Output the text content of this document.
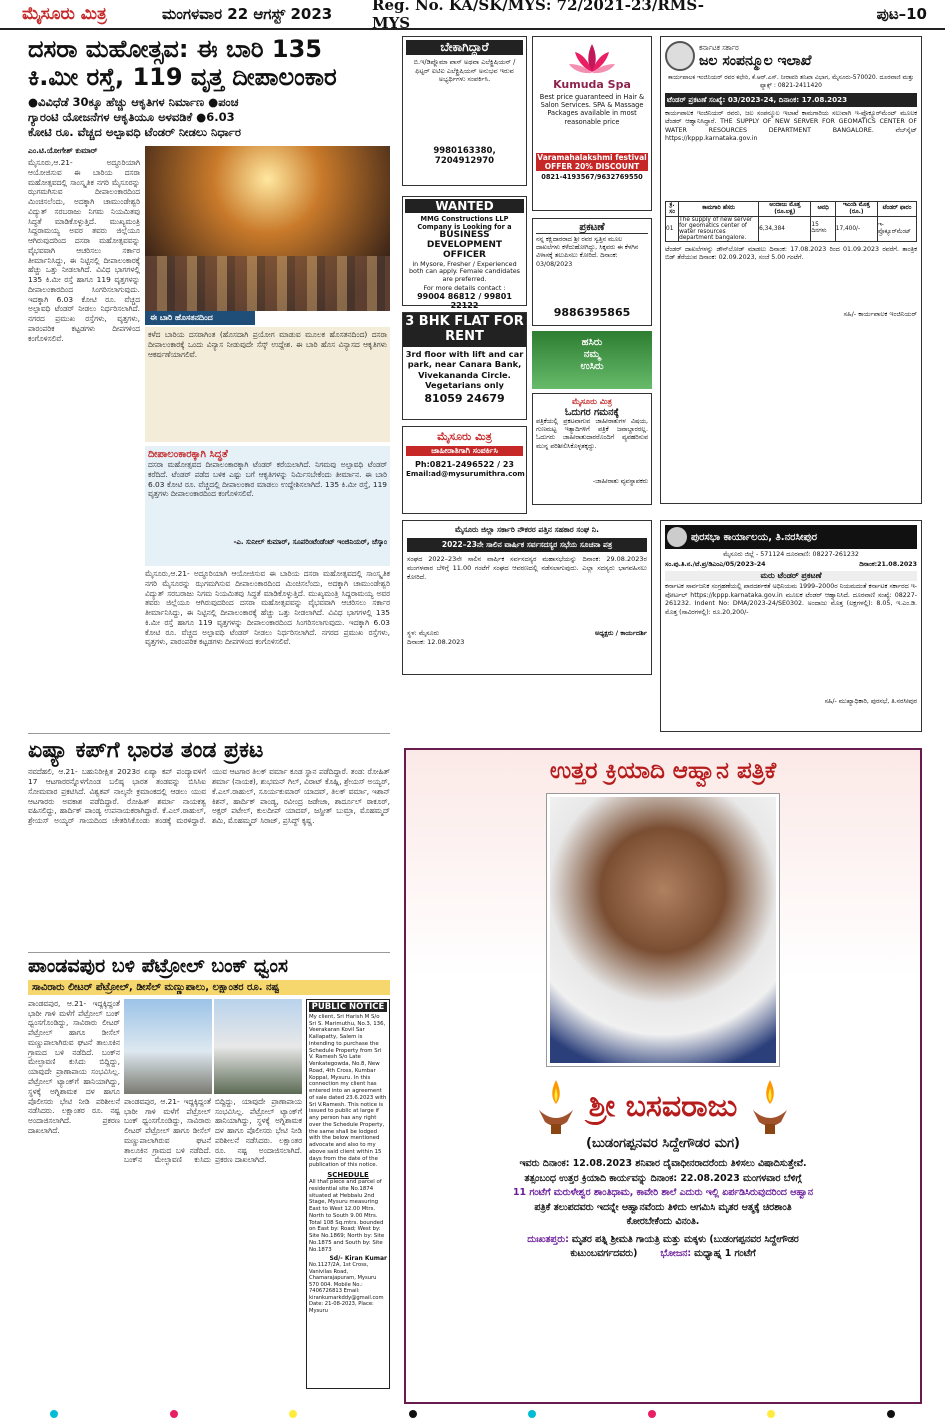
ಮೈಸೂರು ಮಿತ್ರ	ಮಂಗಳವಾರ 22 ಆಗಸ್ಟ್ 2023	Reg. No. KA/SK/MYS: 72/2021-23/RMS-MYS	ಪುಟ–10
ದಸರಾ ಮಹೋತ್ಸವ: ಈ ಬಾರಿ 135
ಕಿ.ಮೀ ರಸ್ತೆ, 119 ವೃತ್ತ ದೀಪಾಲಂಕಾರ
●ವಿವಿಧೆಡೆ 30ಕ್ಕೂ ಹೆಚ್ಚು ಆಕೃತಿಗಳ ನಿರ್ಮಾಣ ●ಪಂಚ
ಗ್ಯಾರಂಟಿ ಯೋಜನೆಗಳ ಆಕೃತಿಯೂ ಅಳವಡಿಕೆ ●6.03
ಕೋಟಿ ರೂ. ವೆಚ್ಚದ ಅಲ್ಪಾವಧಿ ಟೆಂಡರ್ ನೀಡಲು ನಿರ್ಧಾರ
ಎಂ.ಟಿ.ಯೋಗೇಶ್ ಕುಮಾರ್
ಮೈಸೂರು,ಆ.21- ಅದ್ಧೂರಿಯಾಗಿ ಆಯೋಜಿಸುವ ಈ ಬಾರಿಯ ದಸರಾ ಮಹೋತ್ಸವದಲ್ಲಿ ಸಾಂಸ್ಕೃತಿಕ ನಗರಿ ಮೈಸೂರನ್ನು ಝಗಮಗಿಸುವ ದೀಪಾಲಂಕಾರದಿಂದ ಮಿಂಚಿಸಲೆಂದು, ಅದಕ್ಕಾಗಿ ಚಾಮುಂಡೇಶ್ವರಿ ವಿದ್ಯುತ್ ಸರಬರಾಜು ನಿಗಮ ನಿಯಮಿತವು ಸಿದ್ಧತೆ ಮಾಡಿಕೊಳ್ಳುತ್ತಿದೆ. ಮುಖ್ಯಮಂತ್ರಿ ಸಿದ್ದರಾಮಯ್ಯ ಅವರ ತವರು ಜಿಲ್ಲೆಯೂ ಆಗಿರುವುದರಿಂದ ದಸರಾ ಮಹೋತ್ಸವವನ್ನು ವೈಭವವಾಗಿ ಆಚರಿಸಲು ಸರ್ಕಾರ ತೀರ್ಮಾನಿಸಿದ್ದು, ಈ ನಿಟ್ಟಿನಲ್ಲಿ ದೀಪಾಲಂಕಾರಕ್ಕೆ ಹೆಚ್ಚು ಒತ್ತು ನೀಡಲಾಗಿದೆ. ವಿವಿಧ ಭಾಗಗಳಲ್ಲಿ 135 ಕಿ.ಮೀ ರಸ್ತೆ ಹಾಗೂ 119 ವೃತ್ತಗಳನ್ನು ದೀಪಾಲಂಕಾರದಿಂದ ಸಿಂಗರಿಸಲಾಗುವುದು. ಇದಕ್ಕಾಗಿ 6.03 ಕೋಟಿ ರೂ. ವೆಚ್ಚದ ಅಲ್ಪಾವಧಿ ಟೆಂಡರ್ ನೀಡಲು ನಿರ್ಧರಿಸಲಾಗಿದೆ. ನಗರದ ಪ್ರಮುಖ ರಸ್ತೆಗಳು, ವೃತ್ತಗಳು, ಪಾರಂಪರಿಕ ಕಟ್ಟಡಗಳು ದೀಪಗಳಿಂದ ಕಂಗೊಳಿಸಲಿವೆ.
ಈ ಬಾರಿ ಹೊಸತನದಿಂದ
ಕಳೆದ ಬಾರಿಯ ದಸರಾಗಿಂತ (ಹೊಸದಾಗಿ ಪ್ರಯೋಗ ಮಾಡುವ ಮೂಲಕ ಹೊಸತನದಿಂದ) ದಸರಾ ದೀಪಾಲಂಕಾರಕ್ಕೆ ಒಂದು ವಿನ್ಯಾಸ ನೀಡುವುದೇ ಸೆಸ್ಕ್ ಉದ್ದೇಶ. ಈ ಬಾರಿ ಹೊಸ ವಿನ್ಯಾಸದ ಆಕೃತಿಗಳು ಆಕರ್ಷಣೆಯಾಗಲಿವೆ.
ದೀಪಾಲಂಕಾರಕ್ಕಾಗಿ ಸಿದ್ಧತೆ
ದಸರಾ ಮಹೋತ್ಸವದ ದೀಪಾಲಂಕಾರಕ್ಕಾಗಿ ಟೆಂಡರ್ ಕರೆಯಲಾಗಿದೆ. ನಿಗಮವು ಅಲ್ಪಾವಧಿ ಟೆಂಡರ್ ಕರೆದಿದೆ. ಟೆಂಡರ್ ಪಡೆದ ಬಳಿಕ ಎಷ್ಟು ಬಗೆ ಆಕೃತಿಗಳನ್ನು ನಿರ್ಮಿಸಬೇಕೆಂದು ತೀರ್ಮಾನ. ಈ ಬಾರಿ 6.03 ಕೋಟಿ ರೂ. ವೆಚ್ಚದಲ್ಲಿ ದೀಪಾಲಂಕಾರ ಮಾಡಲು ಉದ್ದೇಶಿಸಲಾಗಿದೆ. 135 ಕಿ.ಮೀ ರಸ್ತೆ, 119 ವೃತ್ತಗಳು ದೀಪಾಲಂಕಾರದಿಂದ ಕಂಗೊಳಿಸಲಿವೆ.
-ಎ. ಸುನೀಲ್ ಕುಮಾರ್, ಸೂಪರಿಂಟೆಂಡೆಂಟ್ ಇಂಜಿನಿಯರ್, ಚೆಸ್ಕಾಂ
ಮೈಸೂರು,ಆ.21- ಅದ್ಧೂರಿಯಾಗಿ ಆಯೋಜಿಸುವ ಈ ಬಾರಿಯ ದಸರಾ ಮಹೋತ್ಸವದಲ್ಲಿ ಸಾಂಸ್ಕೃತಿಕ ನಗರಿ ಮೈಸೂರನ್ನು ಝಗಮಗಿಸುವ ದೀಪಾಲಂಕಾರದಿಂದ ಮಿಂಚಿಸಲೆಂದು, ಅದಕ್ಕಾಗಿ ಚಾಮುಂಡೇಶ್ವರಿ ವಿದ್ಯುತ್ ಸರಬರಾಜು ನಿಗಮ ನಿಯಮಿತವು ಸಿದ್ಧತೆ ಮಾಡಿಕೊಳ್ಳುತ್ತಿದೆ. ಮುಖ್ಯಮಂತ್ರಿ ಸಿದ್ದರಾಮಯ್ಯ ಅವರ ತವರು ಜಿಲ್ಲೆಯೂ ಆಗಿರುವುದರಿಂದ ದಸರಾ ಮಹೋತ್ಸವವನ್ನು ವೈಭವವಾಗಿ ಆಚರಿಸಲು ಸರ್ಕಾರ ತೀರ್ಮಾನಿಸಿದ್ದು, ಈ ನಿಟ್ಟಿನಲ್ಲಿ ದೀಪಾಲಂಕಾರಕ್ಕೆ ಹೆಚ್ಚು ಒತ್ತು ನೀಡಲಾಗಿದೆ. ವಿವಿಧ ಭಾಗಗಳಲ್ಲಿ 135 ಕಿ.ಮೀ ರಸ್ತೆ ಹಾಗೂ 119 ವೃತ್ತಗಳನ್ನು ದೀಪಾಲಂಕಾರದಿಂದ ಸಿಂಗರಿಸಲಾಗುವುದು. ಇದಕ್ಕಾಗಿ 6.03 ಕೋಟಿ ರೂ. ವೆಚ್ಚದ ಅಲ್ಪಾವಧಿ ಟೆಂಡರ್ ನೀಡಲು ನಿರ್ಧರಿಸಲಾಗಿದೆ. ನಗರದ ಪ್ರಮುಖ ರಸ್ತೆಗಳು, ವೃತ್ತಗಳು, ಪಾರಂಪರಿಕ ಕಟ್ಟಡಗಳು ದೀಪಗಳಿಂದ ಕಂಗೊಳಿಸಲಿವೆ.
ಏಷ್ಯಾ ಕಪ್‌ಗೆ ಭಾರತ ತಂಡ ಪ್ರಕಟ
ನವದೆಹಲಿ, ಆ.21- ಬಹುನಿರೀಕ್ಷಿತ 2023ರ ಏಷ್ಯಾ ಕಪ್ ಪಂದ್ಯಾವಳಿಗೆ 17 ಆಟಗಾರರನ್ನೊಳಗೊಂಡ ಬಲಿಷ್ಠ ಭಾರತ ತಂಡವನ್ನು ಬಿಸಿಸಿಐ ಸೋಮವಾರ ಪ್ರಕಟಿಸಿದೆ. ವಿಶ್ವಕಪ್ ನಾಲ್ಕನೇ ಕ್ರಮಾಂಕದಲ್ಲಿ ಆಡಲು ಯುವ ಆಟಗಾರರು ಅವಕಾಶ ಪಡೆದಿದ್ದಾರೆ. ರೋಹಿತ್ ಶರ್ಮಾ ನಾಯಕತ್ವ ವಹಿಸಲಿದ್ದು, ಹಾರ್ದಿಕ್ ಪಾಂಡ್ಯ ಉಪನಾಯಕರಾಗಿದ್ದಾರೆ. ಕೆ.ಎಲ್.ರಾಹುಲ್, ಶ್ರೇಯಸ್ ಅಯ್ಯರ್ ಗಾಯದಿಂದ ಚೇತರಿಸಿಕೊಂಡು ತಂಡಕ್ಕೆ ಮರಳಿದ್ದಾರೆ. ಯುವ ಆಟಗಾರ ತಿಲಕ್ ವರ್ಮಾ ಕೂಡ ಸ್ಥಾನ ಪಡೆದಿದ್ದಾರೆ. ತಂಡ: ರೋಹಿತ್ ಶರ್ಮಾ (ನಾಯಕ), ಶುಭಮನ್ ಗಿಲ್, ವಿರಾಟ್ ಕೊಹ್ಲಿ, ಶ್ರೇಯಸ್ ಅಯ್ಯರ್, ಕೆ.ಎಲ್.ರಾಹುಲ್, ಸೂರ್ಯಕುಮಾರ್ ಯಾದವ್, ತಿಲಕ್ ವರ್ಮಾ, ಇಶಾನ್ ಕಿಶನ್, ಹಾರ್ದಿಕ್ ಪಾಂಡ್ಯ, ರವೀಂದ್ರ ಜಡೇಜಾ, ಶಾರ್ದೂಲ್ ಠಾಕೂರ್, ಅಕ್ಷರ್ ಪಟೇಲ್, ಕುಲದೀಪ್ ಯಾದವ್, ಜಸ್ಪ್ರೀತ್ ಬುಮ್ರಾ, ಮೊಹಮ್ಮದ್ ಶಮಿ, ಮೊಹಮ್ಮದ್ ಸಿರಾಜ್, ಪ್ರಸಿದ್ಧ್ ಕೃಷ್ಣ.
ಪಾಂಡವಪುರ ಬಳಿ ಪೆಟ್ರೋಲ್ ಬಂಕ್ ಧ್ವಂಸ
ಸಾವಿರಾರು ಲೀಟರ್ ಪೆಟ್ರೋಲ್, ಡೀಸೆಲ್ ಮಣ್ಣುಪಾಲು, ಲಕ್ಷಾಂತರ ರೂ. ನಷ್ಟ
ಪಾಂಡವಪುರ, ಆ.21- ಇದ್ದಕ್ಕಿದ್ದಂತೆ ಭಾರೀ ಗಾಳಿ ಮಳೆಗೆ ಪೆಟ್ರೋಲ್ ಬಂಕ್ ಧ್ವಂಸಗೊಂಡಿದ್ದು, ಸಾವಿರಾರು ಲೀಟರ್ ಪೆಟ್ರೋಲ್ ಹಾಗೂ ಡೀಸೆಲ್ ಮಣ್ಣುಪಾಲಾಗಿರುವ ಘಟನೆ ತಾಲೂಕಿನ ಗ್ರಾಮದ ಬಳಿ ನಡೆದಿದೆ. ಬಂಕ್‌ನ ಮೇಲ್ಛಾವಣಿ ಕುಸಿದು ಬಿದ್ದಿದ್ದು, ಯಾವುದೇ ಪ್ರಾಣಾಪಾಯ ಸಂಭವಿಸಿಲ್ಲ. ಪೆಟ್ರೋಲ್ ಟ್ಯಾಂಕ್‌ಗೆ ಹಾನಿಯಾಗಿದ್ದು, ಸ್ಥಳಕ್ಕೆ ಅಗ್ನಿಶಾಮಕ ದಳ ಹಾಗೂ ಪೊಲೀಸರು ಭೇಟಿ ನೀಡಿ ಪರಿಶೀಲನೆ ನಡೆಸಿದರು. ಲಕ್ಷಾಂತರ ರೂ. ನಷ್ಟ ಅಂದಾಜಿಸಲಾಗಿದೆ. ಪ್ರಕರಣ ದಾಖಲಾಗಿದೆ.
ಪಾಂಡವಪುರ, ಆ.21- ಇದ್ದಕ್ಕಿದ್ದಂತೆ ಭಾರೀ ಗಾಳಿ ಮಳೆಗೆ ಪೆಟ್ರೋಲ್ ಬಂಕ್ ಧ್ವಂಸಗೊಂಡಿದ್ದು, ಸಾವಿರಾರು ಲೀಟರ್ ಪೆಟ್ರೋಲ್ ಹಾಗೂ ಡೀಸೆಲ್ ಮಣ್ಣುಪಾಲಾಗಿರುವ ಘಟನೆ ತಾಲೂಕಿನ ಗ್ರಾಮದ ಬಳಿ ನಡೆದಿದೆ. ಬಂಕ್‌ನ ಮೇಲ್ಛಾವಣಿ ಕುಸಿದು ಬಿದ್ದಿದ್ದು, ಯಾವುದೇ ಪ್ರಾಣಾಪಾಯ ಸಂಭವಿಸಿಲ್ಲ. ಪೆಟ್ರೋಲ್ ಟ್ಯಾಂಕ್‌ಗೆ ಹಾನಿಯಾಗಿದ್ದು, ಸ್ಥಳಕ್ಕೆ ಅಗ್ನಿಶಾಮಕ ದಳ ಹಾಗೂ ಪೊಲೀಸರು ಭೇಟಿ ನೀಡಿ ಪರಿಶೀಲನೆ ನಡೆಸಿದರು. ಲಕ್ಷಾಂತರ ರೂ. ನಷ್ಟ ಅಂದಾಜಿಸಲಾಗಿದೆ. ಪ್ರಕರಣ ದಾಖಲಾಗಿದೆ.
PUBLIC NOTICE
My client, Sri Harish M S/o Sri S. Marimuthu, No.3, 136, Veerakaran Kovil Sar Kallapatty, Salem is intending to purchase the Schedule Property from Sri V. Ramesh S/o Late Venkategowda, No.8, New Road, 4th Cross, Kumbar Koppal, Mysuru. In this connection my client has entered into an agreement of sale dated 23.6.2023 with Sri V.Ramesh. This notice is issued to public at large if any person has any right over the Schedule Property, the same shall be lodged with the below mentioned advocate and also to my above said client within 15 days from the date of the publication of this notice.
SCHEDULE
All that piece and parcel of residential site No.1874 situated at Hebbalu 2nd Stage, Mysuru measuring East to West 12.00 Mtrs. North to South 9.00 Mtrs. Total 108 Sq.mtrs. bounded on East by: Road; West by: Site No.1869; North by: Site No.1875 and South by: Site No.1873
Sd/- Kiran Kumar
No.1127/2A, 1st Cross, Vanivilas Road, Chamarajapuram, Mysuru 570 004. Mobile No.: 7406726813 Email: kirankumarkddy@gmail.com Date: 21-08-2023, Place: Mysuru
ಬೇಕಾಗಿದ್ದಾರೆ
ಬಿ.ಇ/ಡಿಪ್ಲೊಮಾ ಪಾಸ್ ಅಥವಾ ಎಲೆಕ್ಟ್ರಿಷಿಯನ್ / ಫಿಟ್ಟರ್ ಐಟಿಐ ಎಲೆಕ್ಟ್ರಿಷಿಯನ್ ಅನುಭವ ಇರುವ ಅಭ್ಯರ್ಥಿಗಳು ಸಂಪರ್ಕಿಸಿ.
9980163380, 7204912970
Kumuda Spa
Best price guaranteed in Hair & Salon Services. SPA & Massage Packages available in most reasonable price
Varamahalakshmi festival
OFFER 20% DISCOUNT
0821-4193567/9632769550
WANTED
MMG Constructions LLP Company is Looking for a
BUSINESS DEVELOPMENT OFFICER
in Mysore, Fresher / Experienced both can apply. Female candidates are preferred.
For more details contact :
99004 86812 / 99801 22122
ಪ್ರಕಟಣೆ
ನನ್ನ ಕಕ್ಷಿದಾರರಾದ ಶ್ರೀ ರವರ ಸ್ವತ್ತಿನ ಮೂಲ ದಾಖಲೆಗಳು ಕಳೆದುಹೋಗಿದ್ದು, ಸಿಕ್ಕವರು ಈ ಕೆಳಗಿನ ವಿಳಾಸಕ್ಕೆ ತಲುಪಿಸಲು ಕೋರಿದೆ. ದಿನಾಂಕ: 03/08/2023
9886395865
3 BHK FLAT FOR RENT
3rd floor with lift and car park, near Canara Bank, Vivekananda Circle. Vegetarians only
81059 24679
ಹಸಿರು
ನಮ್ಮ
ಉಸಿರು
ಮೈಸೂರು ಮಿತ್ರ
ಓದುಗರ ಗಮನಕ್ಕೆ
ಪತ್ರಿಕೆಯಲ್ಲಿ ಪ್ರಕಟವಾಗುವ ಜಾಹೀರಾತುಗಳ ವಿಷಯ, ಗುಣಮಟ್ಟ ಇತ್ಯಾದಿಗಳಿಗೆ ಪತ್ರಿಕೆ ಜವಾಬ್ದಾರರಲ್ಲ. ಓದುಗರು ಜಾಹೀರಾತುದಾರರೊಂದಿಗೆ ವ್ಯವಹರಿಸುವ ಮುನ್ನ ಪರಿಶೀಲಿಸಿಕೊಳ್ಳತಕ್ಕದ್ದು.
-ಜಾಹೀರಾತು ವ್ಯವಸ್ಥಾಪಕರು
ಮೈಸೂರು ಮಿತ್ರ
ಜಾಹೀರಾತಿಗಾಗಿ ಸಂಪರ್ಕಿಸಿ
Ph:0821-2496522 / 23
Email:ad@mysurumithra.com
ಕರ್ನಾಟಕ ಸರ್ಕಾರ
ಜಲ ಸಂಪನ್ಮೂಲ ಇಲಾಖೆ
ಕಾರ್ಯಪಾಲಕ ಇಂಜಿನಿಯರ್ ರವರ ಕಛೇರಿ, ಕೆ.ಆರ್.ಎಸ್. ನೀರಾವರಿ ತನಿಖಾ ವಿಭಾಗ, ಮೈಸೂರು-570020. ದೂರವಾಣಿ ಮತ್ತು ಫ್ಯಾಕ್ಸ್ : 0821-2411420
ಟೆಂಡರ್ ಪ್ರಕಟಣೆ ಸಂಖ್ಯೆ: 03/2023-24, ದಿನಾಂಕ: 17.08.2023
ಕಾರ್ಯಪಾಲಕ ಇಂಜಿನಿಯರ್ ರವರು, ಜಲ ಸಂಪನ್ಮೂಲ ಇಲಾಖೆ ಕಾಮಗಾರಿಯ ಸಲುವಾಗಿ ಇ-ಪ್ರೊಕ್ಯೂರ್‌ಮೆಂಟ್ ಮೂಲಕ ಟೆಂಡರ್ ಆಹ್ವಾನಿಸಿದ್ದಾರೆ. THE SUPPLY OF NEW SERVER FOR GEOMATICS CENTER OF WATER RESOURCES DEPARTMENT BANGALORE. ವೆಬ್‌ಸೈಟ್ https://kppp.karnataka.gov.in
ಕ್ರ. ಸಂ	ಕಾಮಗಾರಿ ಹೆಸರು	ಅಂದಾಜು ಮೊತ್ತ (ರೂ.ಲಕ್ಷ)	ಅವಧಿ	ಇಎಂಡಿ ಮೊತ್ತ (ರೂ.)	ಟೆಂಡರ್ ಫಾರಂ
01	The supply of new server for geomatics center of water resources department bangalore.	6,34,384	15 ದಿನಗಳು	17,400/-	ಇ-ಪ್ರೊಕ್ಯೂರ್‌ಮೆಂಟ್
ಟೆಂಡರ್ ದಾಖಲೆಗಳನ್ನು ಡೌನ್‌ಲೋಡ್ ಮಾಡಲು ದಿನಾಂಕ: 17.08.2023 ರಿಂದ 01.09.2023 ರವರೆಗೆ. ತಾಂತ್ರಿಕ ಬಿಡ್ ತೆರೆಯುವ ದಿನಾಂಕ: 02.09.2023, ಸಂಜೆ 5.00 ಗಂಟೆಗೆ.
ಸಹಿ/- ಕಾರ್ಯಪಾಲಕ ಇಂಜಿನಿಯರ್
ಪುರಸಭಾ ಕಾರ್ಯಾಲಯ, ತಿ.ನರಸೀಪುರ
ಮೈಸೂರು ಜಿಲ್ಲೆ - 571124 ದೂರವಾಣಿ: 08227-261232
ಸಂ.ಪು.ತಿ.ನ./ಟೆ.ಪ್ರ/ಡಿಎಂಎ/05/2023-24	ದಿನಾಂಕ:21.08.2023
ಮರು ಟೆಂಡರ್ ಪ್ರಕಟಣೆ
ಕರ್ನಾಟಕ ಸಾರ್ವಜನಿಕ ಸಂಗ್ರಹಣೆಯಲ್ಲಿ ಪಾರದರ್ಶಕತೆ ಅಧಿನಿಯಮ 1999–2000ರ ನಿಯಮದಂತೆ ಕರ್ನಾಟಕ ಸರ್ಕಾರದ ಇ-ಪೋರ್ಟಲ್ https://kppp.karnataka.gov.in ಮೂಲಕ ಟೆಂಡರ್ ಆಹ್ವಾನಿಸಿದೆ. ದೂರವಾಣಿ ಸಂಖ್ಯೆ: 08227-261232. Indent No: DMA/2023-24/SE0302. ಅಂದಾಜು ಮೊತ್ತ (ಲಕ್ಷಗಳಲ್ಲಿ): 8.05, ಇ.ಎಂ.ಡಿ. ಮೊತ್ತ (ಸಾವಿರಗಳಲ್ಲಿ): ರೂ.20,200/-
ಸಹಿ/- ಮುಖ್ಯಾಧಿಕಾರಿ, ಪುರಸಭೆ, ತಿ.ನರಸೀಪುರ
ಮೈಸೂರು ಜಿಲ್ಲಾ ಸರ್ಕಾರಿ ನೌಕರರ ಪತ್ತಿನ ಸಹಕಾರ ಸಂಘ ನಿ.
2022–23ನೇ ಸಾಲಿನ ವಾರ್ಷಿಕ ಸರ್ವಸದಸ್ಯರ ಸಭೆಯ ಸೂಚನಾ ಪತ್ರ
ಸಂಘದ 2022–23ನೇ ಸಾಲಿನ ವಾರ್ಷಿಕ ಸರ್ವಸದಸ್ಯರ ಮಹಾಸಭೆಯನ್ನು ದಿನಾಂಕ: 29.08.2023ರ ಮಂಗಳವಾರ ಬೆಳಿಗ್ಗೆ 11.00 ಗಂಟೆಗೆ ಸಂಘದ ಆವರಣದಲ್ಲಿ ನಡೆಸಲಾಗುವುದು. ಎಲ್ಲಾ ಸದಸ್ಯರು ಭಾಗವಹಿಸಲು ಕೋರಿದೆ.
ಸ್ಥಳ: ಮೈಸೂರು
ದಿನಾಂಕ: 12.08.2023
ಅಧ್ಯಕ್ಷರು / ಕಾರ್ಯದರ್ಶಿ
ಉತ್ತರ ಕ್ರಿಯಾದಿ ಆಹ್ವಾನ ಪತ್ರಿಕೆ
ಶ್ರೀ ಬಸವರಾಜು
(ಬುಡಂಗಪ್ಪನವರ ಸಿದ್ದೇಗೌಡರ ಮಗ)
ಇವರು ದಿನಾಂಕ: 12.08.2023 ಶನಿವಾರ ದೈವಾಧೀನರಾದರೆಂದು ತಿಳಿಸಲು ವಿಷಾದಿಸುತ್ತೇವೆ.
ತತ್ಸಂಬಂಧ ಉತ್ತರ ಕ್ರಿಯಾದಿ ಕಾರ್ಯವನ್ನು ದಿನಾಂಕ: 22.08.2023 ಮಂಗಳವಾರ ಬೆಳಿಗ್ಗೆ
11 ಗಂಟೆಗೆ ಮರುಳೇಶ್ವರ ಶಾಂತಿಧಾಮ, ಕಾವೇರಿ ಶಾಲೆ ಎದುರು ಇಲ್ಲಿ ಏರ್ಪಡಿಸಿರುವುದರಿಂದ ಆಹ್ವಾನ
ಪತ್ರಿಕೆ ತಲುಪದವರು ಇದನ್ನೇ ಆಹ್ವಾನವೆಂದು ತಿಳಿದು ಆಗಮಿಸಿ ಮೃತರ ಆತ್ಮಕ್ಕೆ ಚಿರಶಾಂತಿ
ಕೋರಬೇಕೆಂದು ವಿನಂತಿ.
ದುಃಖತಪ್ತರು: ಮೃತರ ಪತ್ನಿ ಶ್ರೀಮತಿ ಗಾಯತ್ರಿ ಮತ್ತು ಮಕ್ಕಳು (ಬುಡಂಗಪ್ಪನವರ ಸಿದ್ದೇಗೌಡರ
ಕುಟುಂಬವರ್ಗದವರು) ಭೋಜನ: ಮಧ್ಯಾಹ್ನ 1 ಗಂಟೆಗೆ
